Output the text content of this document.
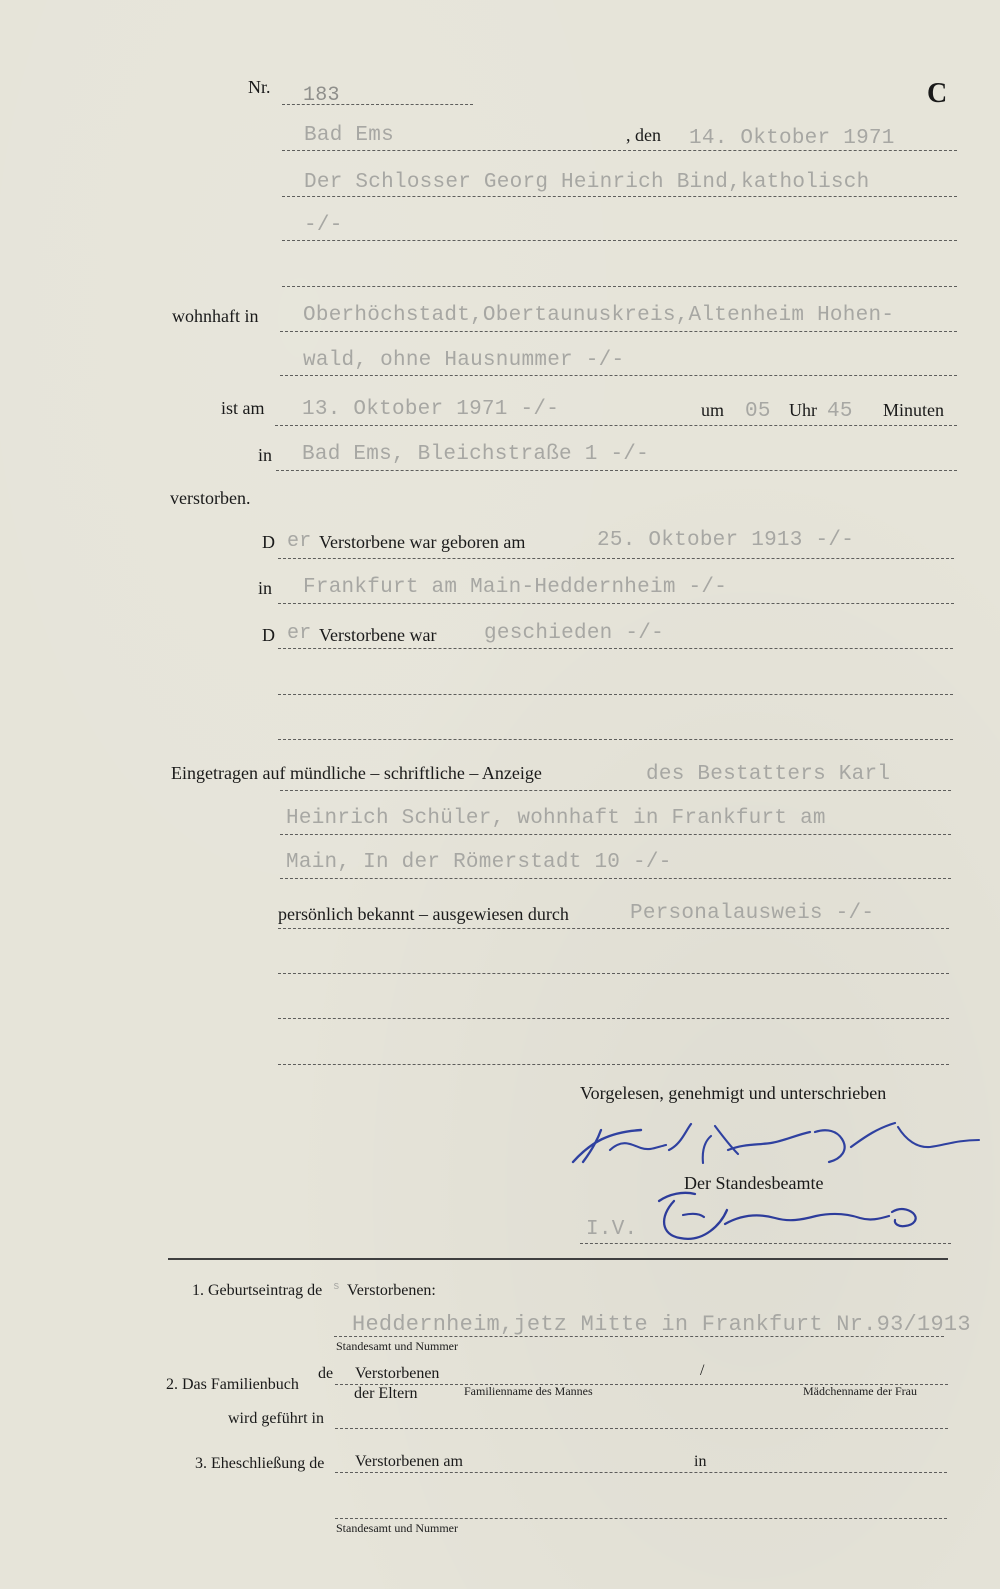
Nr. 183	C
Bad Ems	, den 14. Oktober 1971
Der Schlosser Georg Heinrich Bind,katholisch
-/-
wohnhaft in Oberhöchstadt,Obertaunuskreis,Altenheim Hohen-
wald, ohne Hausnummer -/-
ist am 13. Oktober 1971 -/-	um 05 Uhr 45 Minuten
in Bad Ems, Bleichstraße 1 -/-
verstorben.
D er Verstorbene war geboren am	25. Oktober 1913 -/-
in Frankfurt am Main-Heddernheim -/-
D er Verstorbene war geschieden -/-
Eingetragen auf mündliche – schriftliche – Anzeige	des Bestatters Karl
Heinrich Schüler, wohnhaft in Frankfurt am
Main, In der Römerstadt 10 -/-
persönlich bekannt – ausgewiesen durch	Personalausweis -/-
Vorgelesen, genehmigt und unterschrieben
Der Standesbeamte
I.V.
1. Geburtseintrag de s Verstorbenen:
Heddernheim,jetz Mitte in Frankfurt Nr.93/1913
Standesamt und Nummer
2. Das Familienbuch
de Verstorbenen	/
der Eltern	Familienname des Mannes	Mädchenname der Frau
wird geführt in
3. Eheschließung de Verstorbenen am	in
Standesamt und Nummer
